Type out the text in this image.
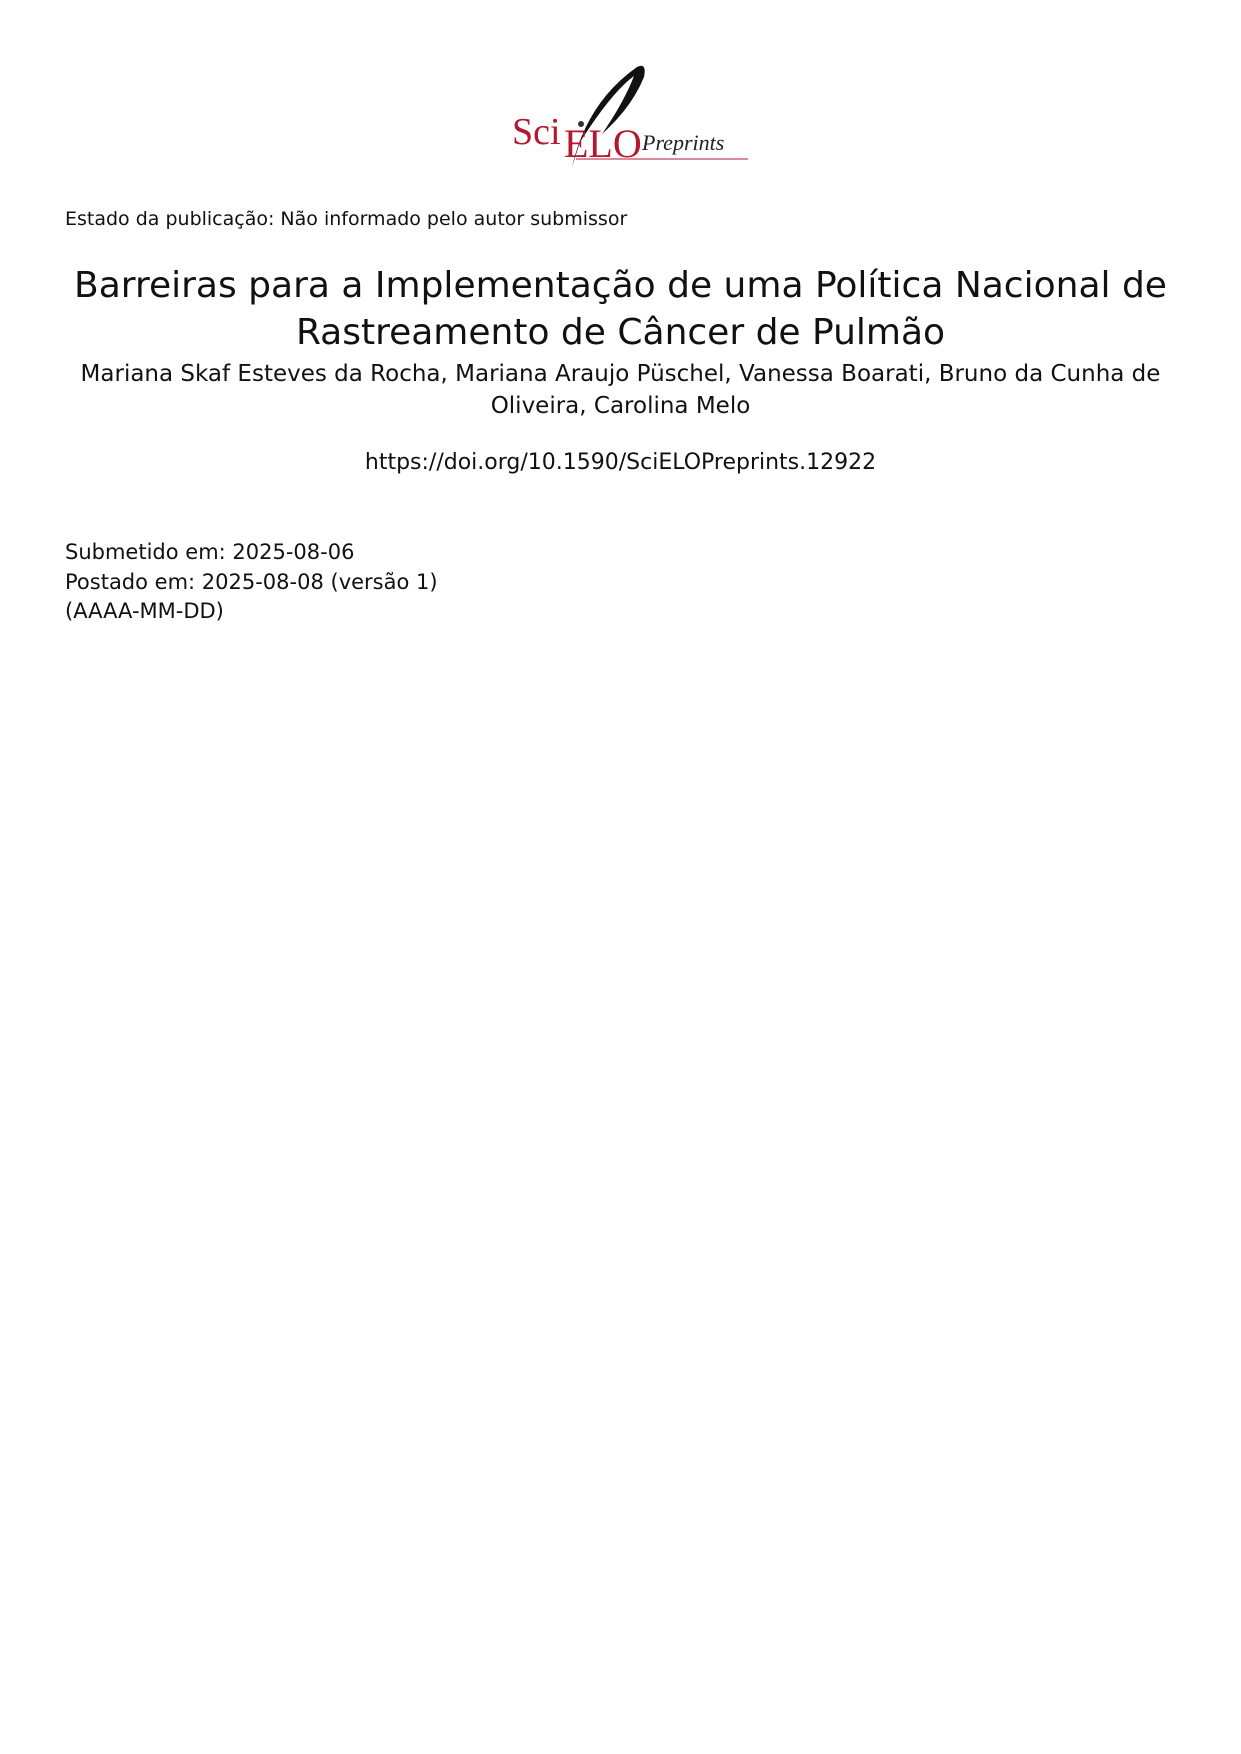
Sci ELO Preprints
Estado da publicação: Não informado pelo autor submissor
Barreiras para a Implementação de uma Política Nacional de Rastreamento de Câncer de Pulmão
Mariana Skaf Esteves da Rocha, Mariana Araujo Püschel, Vanessa Boarati, Bruno da Cunha de Oliveira, Carolina Melo
https://doi.org/10.1590/SciELOPreprints.12922
Submetido em: 2025-08-06
Postado em: 2025-08-08 (versão 1)
(AAAA-MM-DD)
